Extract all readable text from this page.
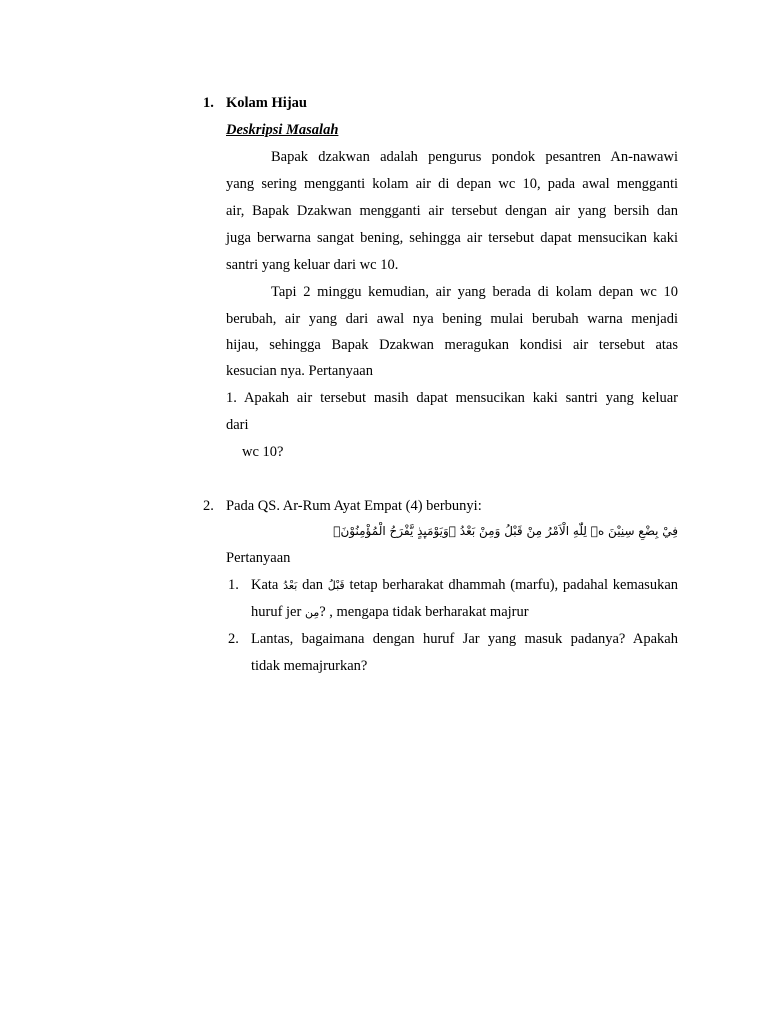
1. Kolam Hijau
Deskripsi Masalah
Bapak dzakwan adalah pengurus pondok pesantren An-nawawi
yang sering mengganti kolam air di depan wc 10, pada awal mengganti
air, Bapak Dzakwan mengganti air tersebut dengan air yang bersih dan
juga berwarna sangat bening, sehingga air tersebut dapat mensucikan kaki
santri yang keluar dari wc 10.
Tapi 2 minggu kemudian, air yang berada di kolam depan wc 10
berubah, air yang dari awal nya bening mulai berubah warna menjadi
hijau, sehingga Bapak Dzakwan meragukan kondisi air tersebut atas
kesucian nya. Pertanyaan
1. Apakah air tersebut masih dapat mensucikan kaki santri yang keluar
dari
wc 10?
2. Pada QS. Ar-Rum Ayat Empat (4) berbunyi:
فِيْ بِضْعِ سِنِيْنَ ەۗ لِلّٰهِ الْاَمْرُ مِنْ قَبْلُ وَمِنْ بَعْدُ ۗوَيَوْمَىِٕذٍ يَّفْرَحُ الْمُؤْمِنُوْنَۙ
Pertanyaan
1. Kata بَعْدُ dan قَبْلُ tetap berharakat dhammah (marfu), padahal kemasukan
huruf jer مِن? , mengapa tidak berharakat majrur
2. Lantas, bagaimana dengan huruf Jar yang masuk padanya? Apakah
tidak memajrurkan?
